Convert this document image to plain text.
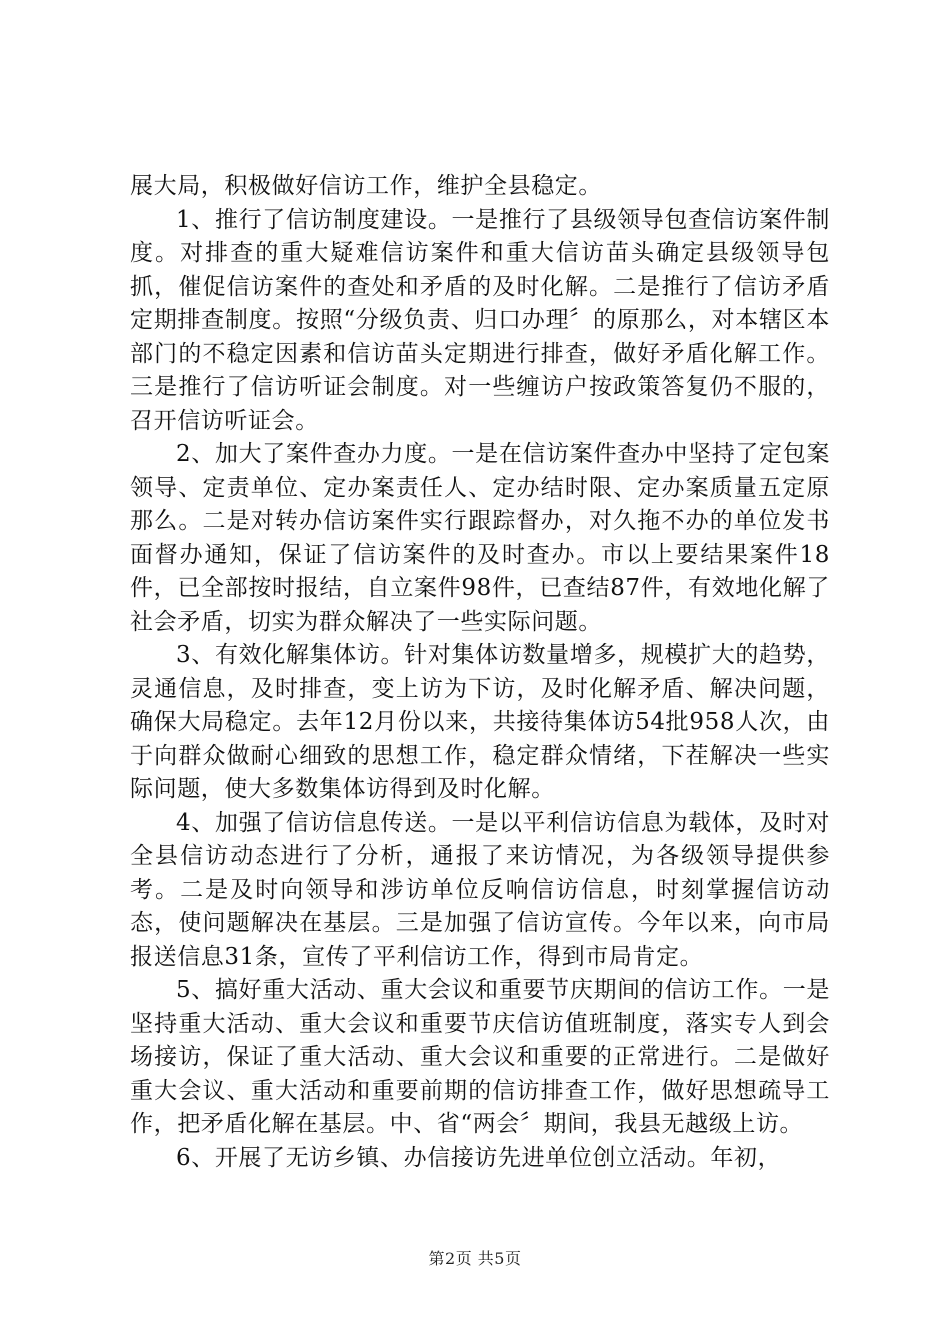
展大局，积极做好信访工作，维护全县稳定。

1、推行了信访制度建设。一是推行了县级领导包查信访案件制度。对排查的重大疑难信访案件和重大信访苗头确定县级领导包抓，催促信访案件的查处和矛盾的及时化解。二是推行了信访矛盾定期排查制度。按照“分级负责、归口办理〞的原那么，对本辖区本部门的不稳定因素和信访苗头定期进行排查，做好矛盾化解工作。三是推行了信访听证会制度。对一些缠访户按政策答复仍不服的，召开信访听证会。

2、加大了案件查办力度。一是在信访案件查办中坚持了定包案领导、定责单位、定办案责任人、定办结时限、定办案质量五定原那么。二是对转办信访案件实行跟踪督办，对久拖不办的单位发书面督办通知，保证了信访案件的及时查办。市以上要结果案件18件，已全部按时报结，自立案件98件，已查结87件，有效地化解了社会矛盾，切实为群众解决了一些实际问题。

3、有效化解集体访。针对集体访数量增多，规模扩大的趋势，灵通信息，及时排查，变上访为下访，及时化解矛盾、解决问题，确保大局稳定。去年12月份以来，共接待集体访54批958人次，由于向群众做耐心细致的思想工作，稳定群众情绪，下茬解决一些实际问题，使大多数集体访得到及时化解。

4、加强了信访信息传送。一是以平利信访信息为载体，及时对全县信访动态进行了分析，通报了来访情况，为各级领导提供参考。二是及时向领导和涉访单位反响信访信息，时刻掌握信访动态，使问题解决在基层。三是加强了信访宣传。今年以来，向市局报送信息31条，宣传了平利信访工作，得到市局肯定。

5、搞好重大活动、重大会议和重要节庆期间的信访工作。一是坚持重大活动、重大会议和重要节庆信访值班制度，落实专人到会场接访，保证了重大活动、重大会议和重要的正常进行。二是做好重大会议、重大活动和重要前期的信访排查工作，做好思想疏导工作，把矛盾化解在基层。中、省“两会〞期间，我县无越级上访。

6、开展了无访乡镇、办信接访先进单位创立活动。年初，

第2页 共5页
